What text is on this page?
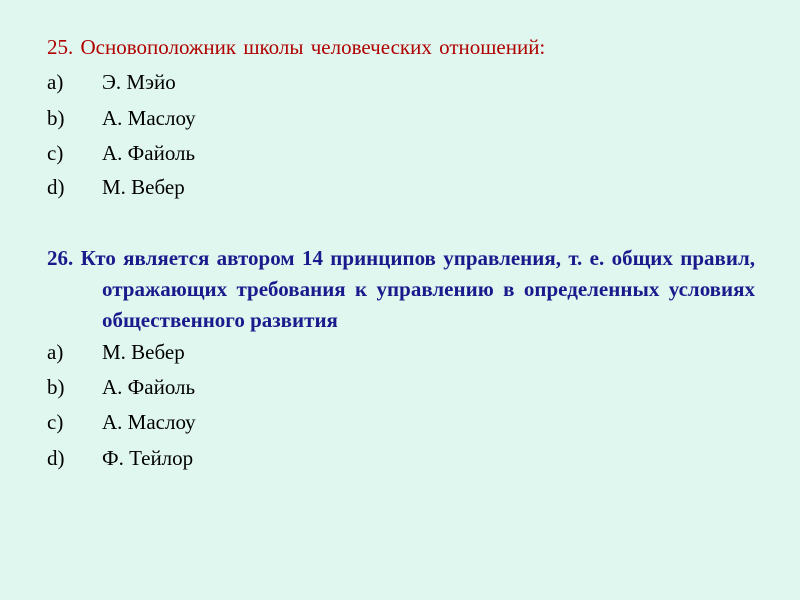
25. Основоположник школы человеческих отношений:
a) Э. Мэйо
b) А. Маслоу
c) А. Файоль
d) М. Вебер
26. Кто является автором 14 принципов управления, т. е. общих правил, отражающих требования к управлению в определенных условиях общественного развития
a) М. Вебер
b) А. Файоль
c) А. Маслоу
d) Ф. Тейлор
